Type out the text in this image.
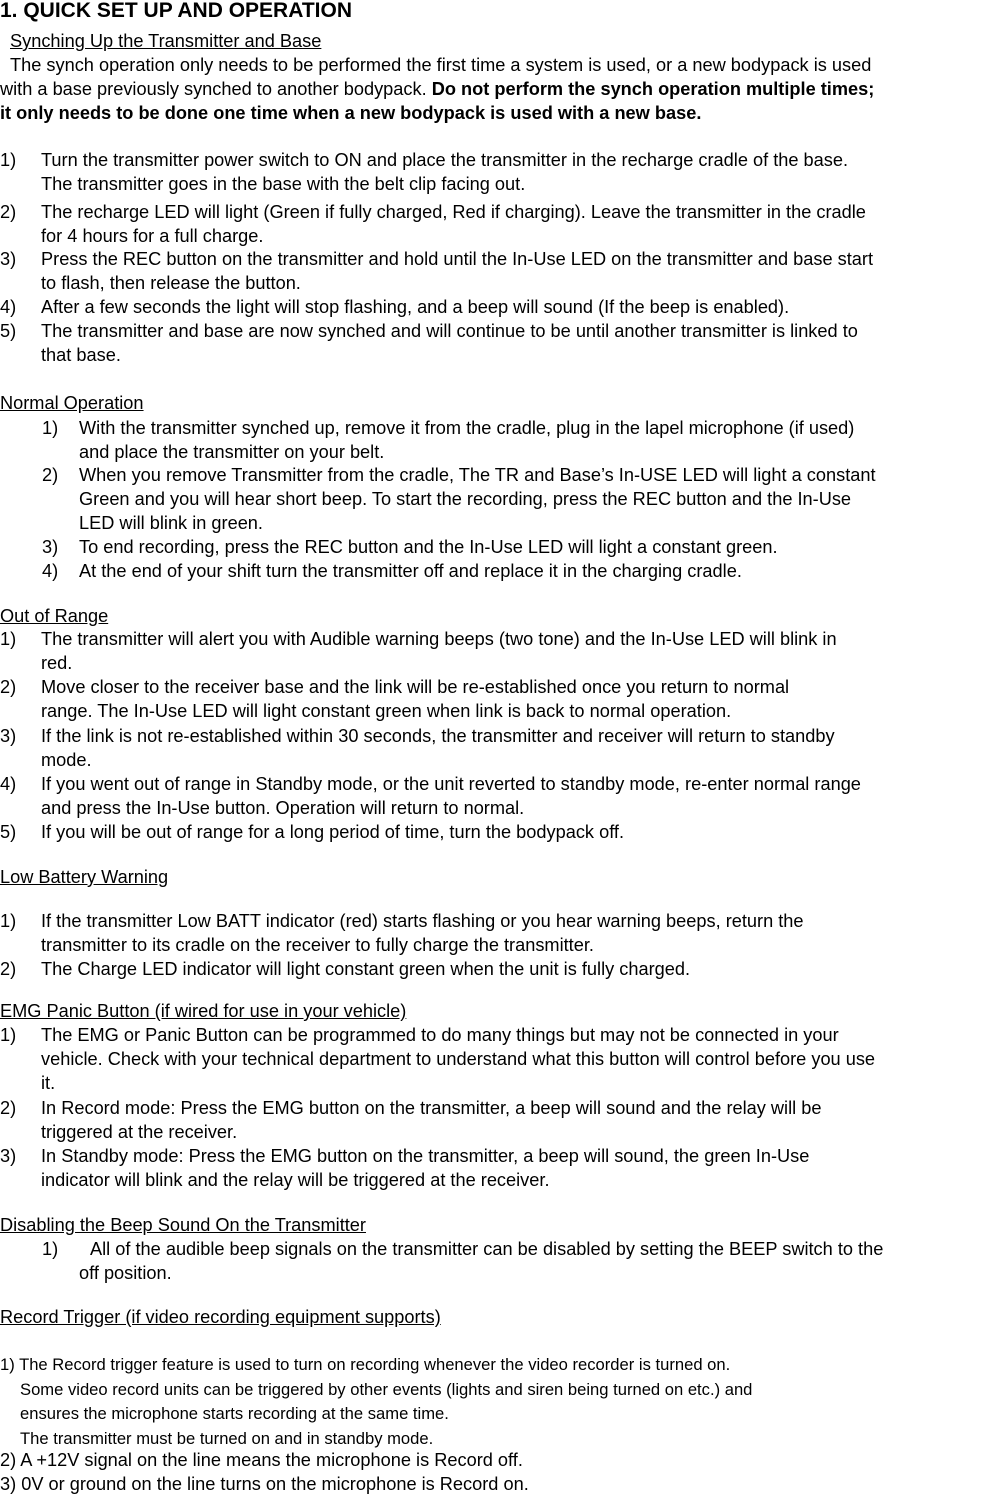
1. QUICK SET UP AND OPERATION
Synching Up the Transmitter and Base
The synch operation only needs to be performed the first time a system is used, or a new bodypack is used
with a base previously synched to another bodypack. Do not perform the synch operation multiple times;
it only needs to be done one time when a new bodypack is used with a new base.
1) Turn the transmitter power switch to ON and place the transmitter in the recharge cradle of the base.
The transmitter goes in the base with the belt clip facing out.
2) The recharge LED will light (Green if fully charged, Red if charging). Leave the transmitter in the cradle
for 4 hours for a full charge.
3) Press the REC button on the transmitter and hold until the In-Use LED on the transmitter and base start
to flash, then release the button.
4) After a few seconds the light will stop flashing, and a beep will sound (If the beep is enabled).
5) The transmitter and base are now synched and will continue to be until another transmitter is linked to
that base.
Normal Operation
1) With the transmitter synched up, remove it from the cradle, plug in the lapel microphone (if used)
and place the transmitter on your belt.
2) When you remove Transmitter from the cradle, The TR and Base’s In-USE LED will light a constant
Green and you will hear short beep. To start the recording, press the REC button and the In-Use
LED will blink in green.
3) To end recording, press the REC button and the In-Use LED will light a constant green.
4) At the end of your shift turn the transmitter off and replace it in the charging cradle.
Out of Range
1) The transmitter will alert you with Audible warning beeps (two tone) and the In-Use LED will blink in
red.
2) Move closer to the receiver base and the link will be re-established once you return to normal
range. The In-Use LED will light constant green when link is back to normal operation.
3) If the link is not re-established within 30 seconds, the transmitter and receiver will return to standby
mode.
4) If you went out of range in Standby mode, or the unit reverted to standby mode, re-enter normal range
and press the In-Use button. Operation will return to normal.
5) If you will be out of range for a long period of time, turn the bodypack off.
Low Battery Warning
1) If the transmitter Low BATT indicator (red) starts flashing or you hear warning beeps, return the
transmitter to its cradle on the receiver to fully charge the transmitter.
2) The Charge LED indicator will light constant green when the unit is fully charged.
EMG Panic Button (if wired for use in your vehicle)
1) The EMG or Panic Button can be programmed to do many things but may not be connected in your
vehicle. Check with your technical department to understand what this button will control before you use
it.
2) In Record mode: Press the EMG button on the transmitter, a beep will sound and the relay will be
triggered at the receiver.
3) In Standby mode: Press the EMG button on the transmitter, a beep will sound, the green In-Use
indicator will blink and the relay will be triggered at the receiver.
Disabling the Beep Sound On the Transmitter
1) All of the audible beep signals on the transmitter can be disabled by setting the BEEP switch to the
off position.
Record Trigger (if video recording equipment supports)
1) The Record trigger feature is used to turn on recording whenever the video recorder is turned on.
Some video record units can be triggered by other events (lights and siren being turned on etc.) and
ensures the microphone starts recording at the same time.
The transmitter must be turned on and in standby mode.
2) A +12V signal on the line means the microphone is Record off.
3) 0V or ground on the line turns on the microphone is Record on.
